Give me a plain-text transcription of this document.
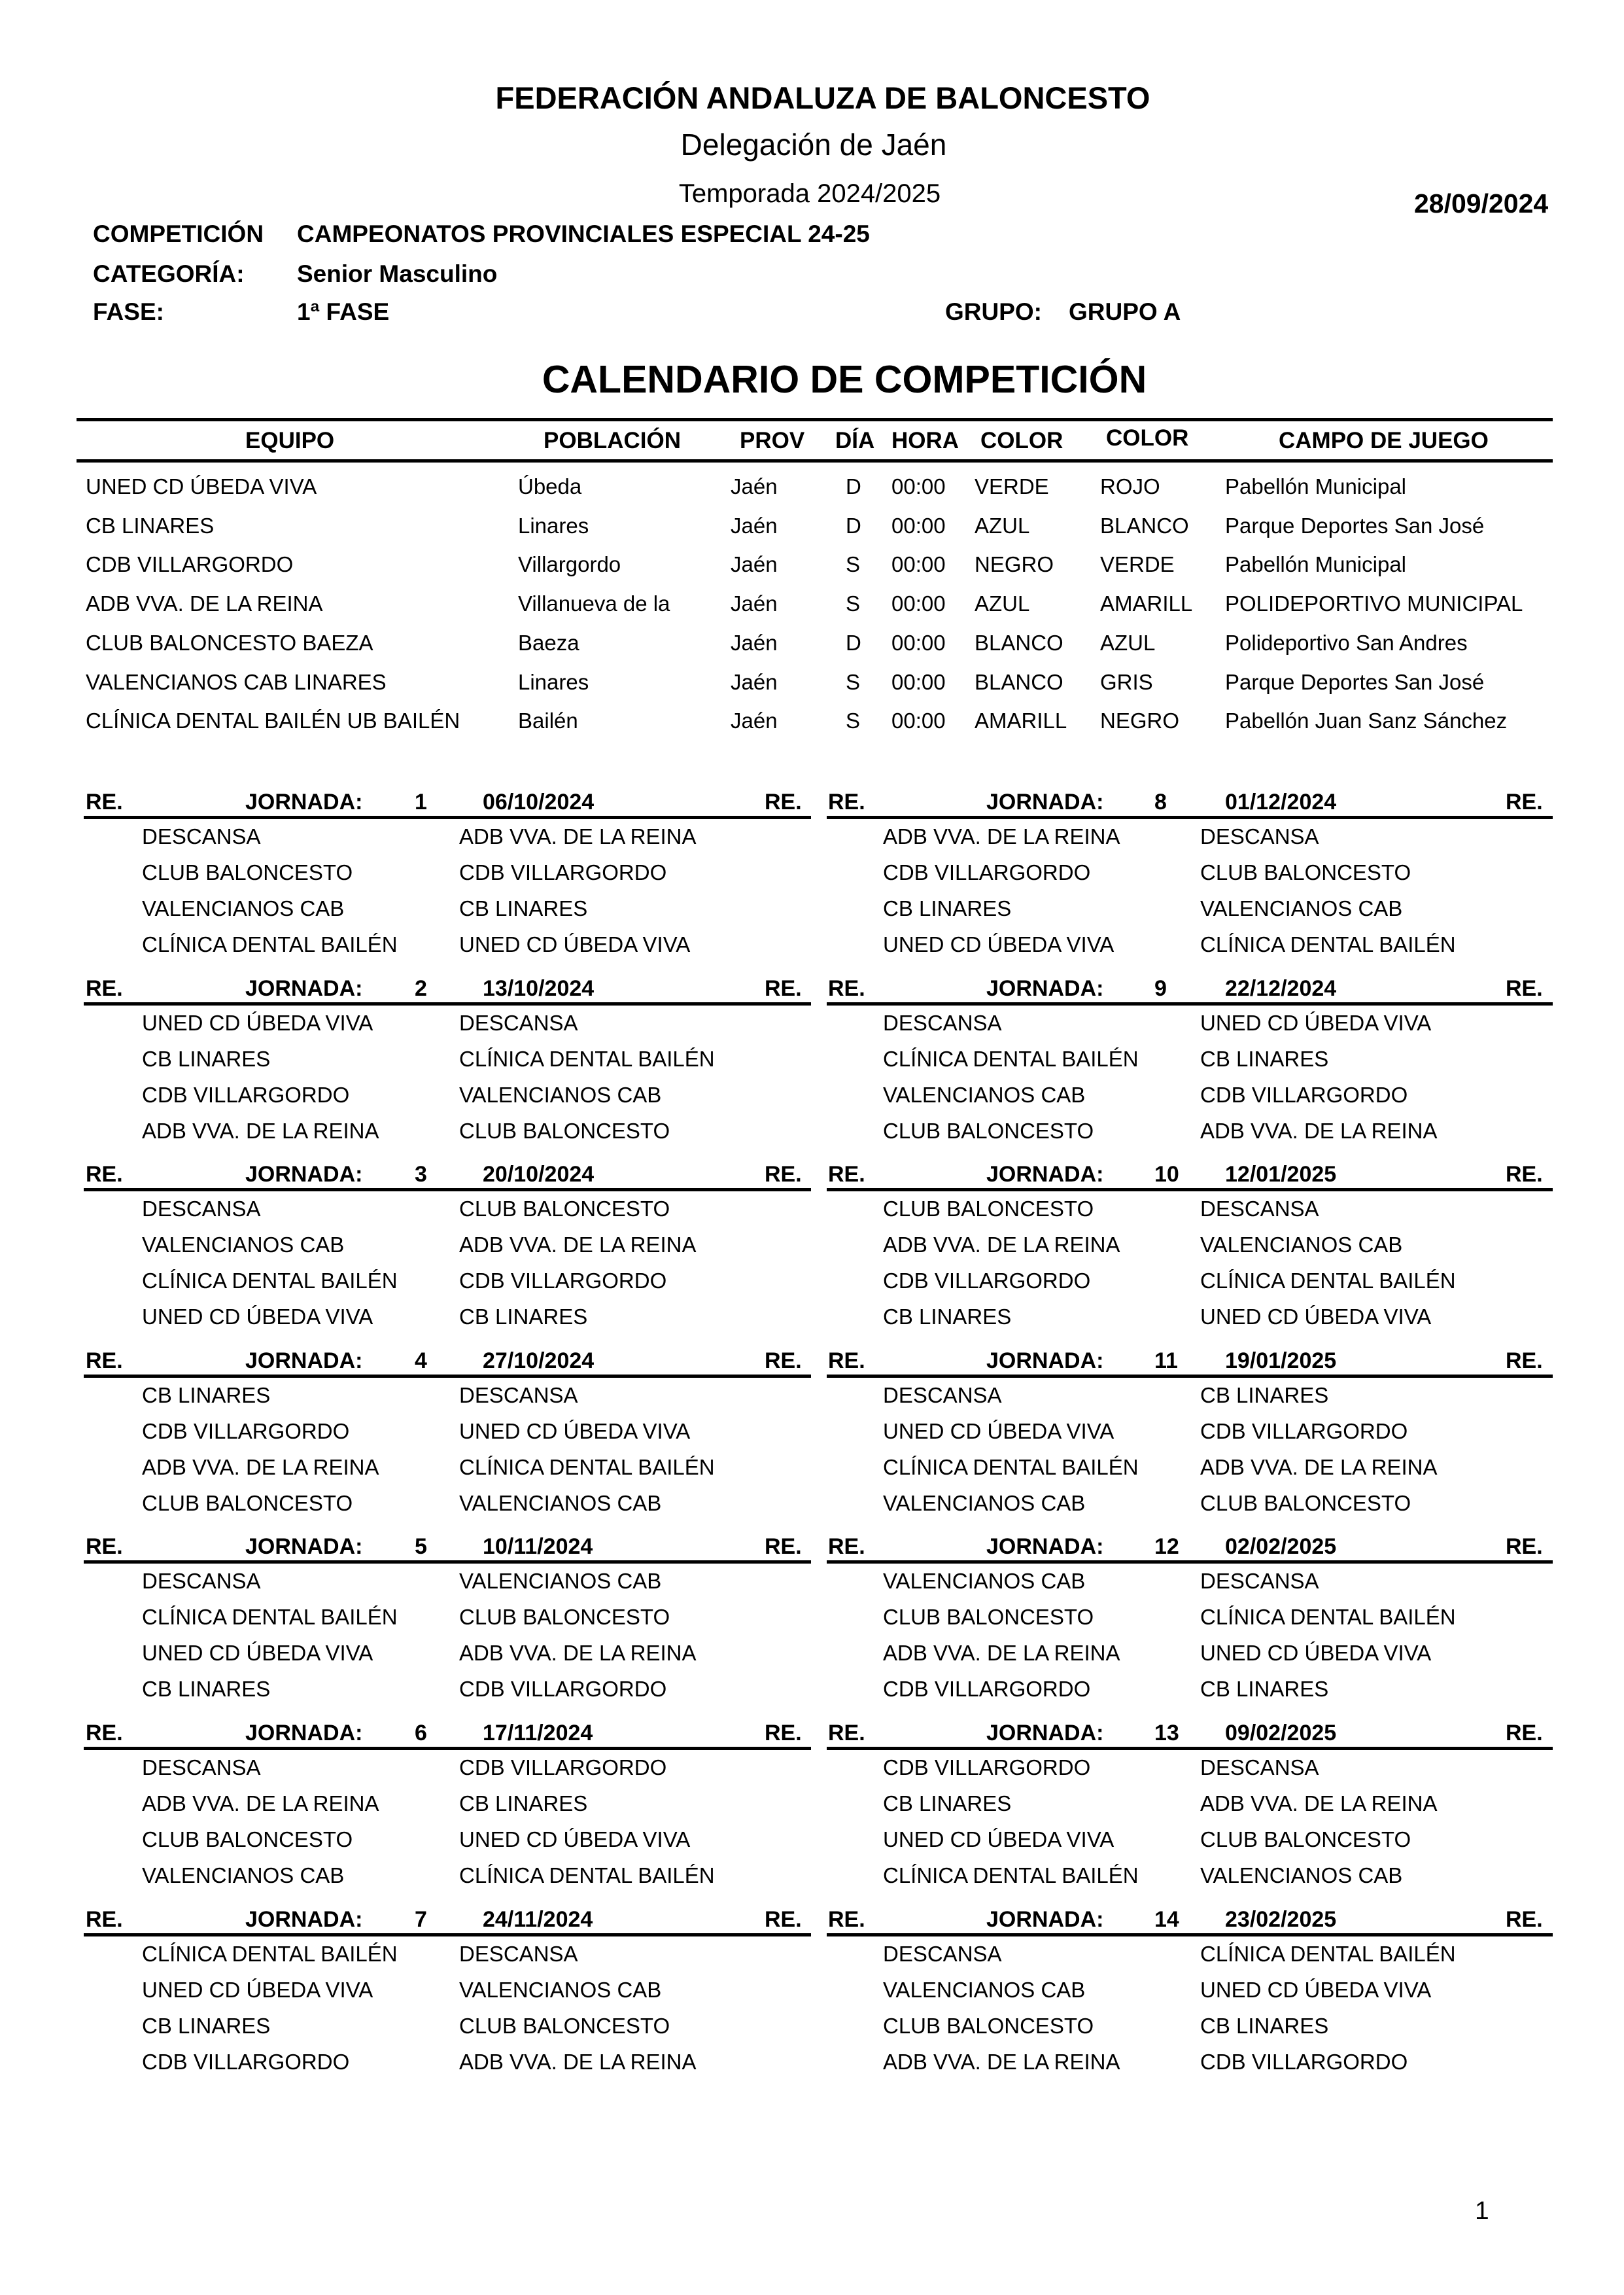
FEDERACIÓN ANDALUZA DE BALONCESTO
Delegación de Jaén
Temporada 2024/2025	28/09/2024
COMPETICIÓN CAMPEONATOS PROVINCIALES ESPECIAL 24-25
CATEGORÍA: Senior Masculino
FASE:	1ª FASE	GRUPO: GRUPO A
CALENDARIO DE COMPETICIÓN
EQUIPO	POBLACIÓN	PROV DÍA HORA COLOR COLOR	CAMPO DE JUEGO
UNED CD ÚBEDA VIVA	Úbeda	Jaén	D 00:00 VERDE ROJO	Pabellón Municipal
CB LINARES	Linares	Jaén	D 00:00 AZUL	BLANCO Parque Deportes San José
CDB VILLARGORDO	Villargordo	Jaén	S 00:00 NEGRO VERDE Pabellón Municipal
ADB VVA. DE LA REINA	Villanueva de la	Jaén	S 00:00 AZUL	AMARILL POLIDEPORTIVO MUNICIPAL
CLUB BALONCESTO BAEZA	Baeza	Jaén	D 00:00 BLANCO AZUL	Polideportivo San Andres
VALENCIANOS CAB LINARES	Linares	Jaén	S 00:00 BLANCO GRIS	Parque Deportes San José
CLÍNICA DENTAL BAILÉN UB BAILÉN	Bailén	Jaén	S 00:00 AMARILL NEGRO Pabellón Juan Sanz Sánchez
RE.	JORNADA: 1	06/10/2024	RE.
DESCANSA	ADB VVA. DE LA REINA
CLUB BALONCESTO	CDB VILLARGORDO
VALENCIANOS CAB	CB LINARES
CLÍNICA DENTAL BAILÉN	UNED CD ÚBEDA VIVA
RE.	JORNADA: 2	13/10/2024	RE.
UNED CD ÚBEDA VIVA	DESCANSA
CB LINARES	CLÍNICA DENTAL BAILÉN
CDB VILLARGORDO	VALENCIANOS CAB
ADB VVA. DE LA REINA	CLUB BALONCESTO
RE.	JORNADA: 3	20/10/2024	RE.
DESCANSA	CLUB BALONCESTO
VALENCIANOS CAB	ADB VVA. DE LA REINA
CLÍNICA DENTAL BAILÉN	CDB VILLARGORDO
UNED CD ÚBEDA VIVA	CB LINARES
RE.	JORNADA: 4	27/10/2024	RE.
CB LINARES	DESCANSA
CDB VILLARGORDO	UNED CD ÚBEDA VIVA
ADB VVA. DE LA REINA	CLÍNICA DENTAL BAILÉN
CLUB BALONCESTO	VALENCIANOS CAB
RE.	JORNADA: 5	10/11/2024	RE.
DESCANSA	VALENCIANOS CAB
CLÍNICA DENTAL BAILÉN	CLUB BALONCESTO
UNED CD ÚBEDA VIVA	ADB VVA. DE LA REINA
CB LINARES	CDB VILLARGORDO
RE.	JORNADA: 6	17/11/2024	RE.
DESCANSA	CDB VILLARGORDO
ADB VVA. DE LA REINA	CB LINARES
CLUB BALONCESTO	UNED CD ÚBEDA VIVA
VALENCIANOS CAB	CLÍNICA DENTAL BAILÉN
RE.	JORNADA: 7	24/11/2024	RE.
CLÍNICA DENTAL BAILÉN	DESCANSA
UNED CD ÚBEDA VIVA	VALENCIANOS CAB
CB LINARES	CLUB BALONCESTO
CDB VILLARGORDO	ADB VVA. DE LA REINA
RE.	JORNADA: 8	01/12/2024	RE.
ADB VVA. DE LA REINA	DESCANSA
CDB VILLARGORDO	CLUB BALONCESTO
CB LINARES	VALENCIANOS CAB
UNED CD ÚBEDA VIVA	CLÍNICA DENTAL BAILÉN
RE.	JORNADA: 9	22/12/2024	RE.
DESCANSA	UNED CD ÚBEDA VIVA
CLÍNICA DENTAL BAILÉN	CB LINARES
VALENCIANOS CAB	CDB VILLARGORDO
CLUB BALONCESTO	ADB VVA. DE LA REINA
RE.	JORNADA: 10 12/01/2025	RE.
CLUB BALONCESTO	DESCANSA
ADB VVA. DE LA REINA	VALENCIANOS CAB
CDB VILLARGORDO	CLÍNICA DENTAL BAILÉN
CB LINARES	UNED CD ÚBEDA VIVA
RE.	JORNADA: 11 19/01/2025	RE.
DESCANSA	CB LINARES
UNED CD ÚBEDA VIVA	CDB VILLARGORDO
CLÍNICA DENTAL BAILÉN	ADB VVA. DE LA REINA
VALENCIANOS CAB	CLUB BALONCESTO
RE.	JORNADA: 12 02/02/2025	RE.
VALENCIANOS CAB	DESCANSA
CLUB BALONCESTO	CLÍNICA DENTAL BAILÉN
ADB VVA. DE LA REINA	UNED CD ÚBEDA VIVA
CDB VILLARGORDO	CB LINARES
RE.	JORNADA: 13 09/02/2025	RE.
CDB VILLARGORDO	DESCANSA
CB LINARES	ADB VVA. DE LA REINA
UNED CD ÚBEDA VIVA	CLUB BALONCESTO
CLÍNICA DENTAL BAILÉN	VALENCIANOS CAB
RE.	JORNADA: 14 23/02/2025	RE.
DESCANSA	CLÍNICA DENTAL BAILÉN
VALENCIANOS CAB	UNED CD ÚBEDA VIVA
CLUB BALONCESTO	CB LINARES
ADB VVA. DE LA REINA	CDB VILLARGORDO
1
